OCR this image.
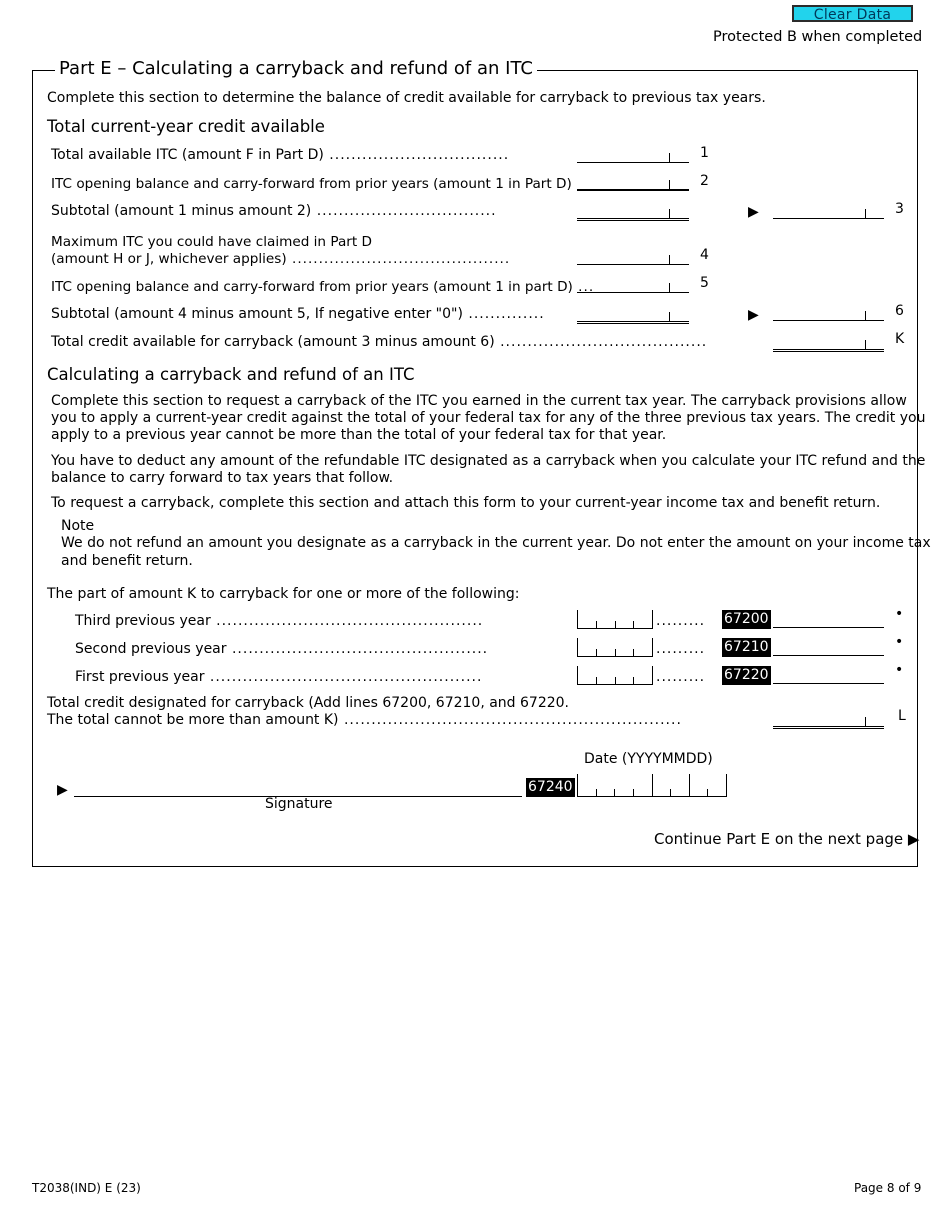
Clear Data
Protected B when completed
Part E – Calculating a carryback and refund of an ITC
Complete this section to determine the balance of credit available for carryback to previous tax years.
Total current-year credit available
Total available ITC (amount F in Part D) .................................	1
ITC opening balance and carry-forward from prior years (amount 1 in Part D)	2
Subtotal (amount 1 minus amount 2) .................................	▶	3
Maximum ITC you could have claimed in Part D
(amount H or J, whichever applies) .........................................	4
ITC opening balance and carry-forward from prior years (amount 1 in part D) ...	5
Subtotal (amount 4 minus amount 5, If negative enter "0") ..............	▶	6
Total credit available for carryback (amount 3 minus amount 6) ......................................	K
Calculating a carryback and refund of an ITC
Complete this section to request a carryback of the ITC you earned in the current tax year. The carryback provisions allow
you to apply a current-year credit against the total of your federal tax for any of the three previous tax years. The credit you
apply to a previous year cannot be more than the total of your federal tax for that year.
You have to deduct any amount of the refundable ITC designated as a carryback when you calculate your ITC refund and the
balance to carry forward to tax years that follow.
To request a carryback, complete this section and attach this form to your current-year income tax and benefit return.
Note
We do not refund an amount you designate as a carryback in the current year. Do not enter the amount on your income tax
and benefit return.
The part of amount K to carryback for one or more of the following:
Third previous year .................................................	......... 67200	•
Second previous year ...............................................	......... 67210	•
First previous year ..................................................	......... 67220	•
Total credit designated for carryback (Add lines 67200, 67210, and 67220.
The total cannot be more than amount K) ..............................................................	L
Date (YYYYMMDD)
▶
Signature
67240
Continue Part E on the next page ▶
T2038(IND) E (23)	Page 8 of 9
